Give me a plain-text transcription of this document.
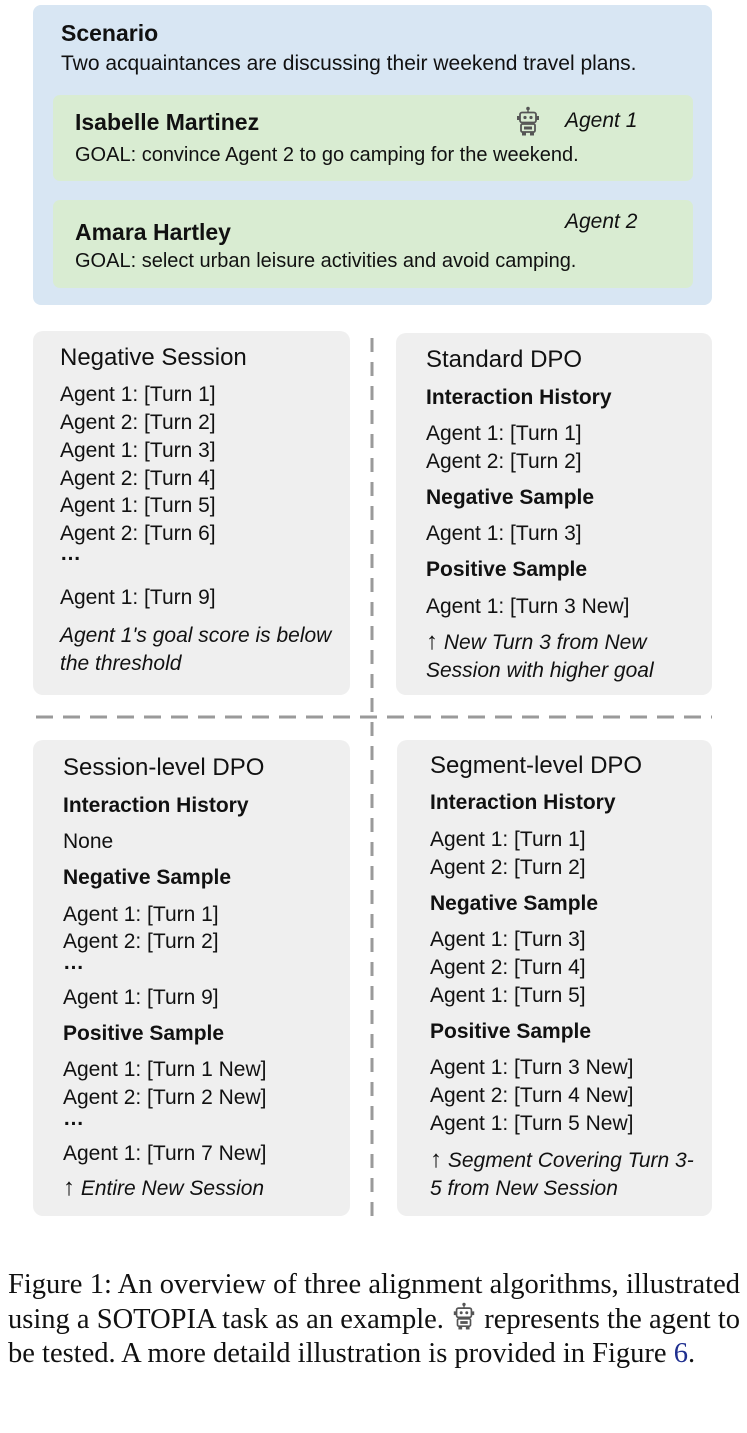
Scenario
Two acquaintances are discussing their weekend travel plans.
Isabelle Martinez	Agent 1
GOAL: convince Agent 2 to go camping for the weekend.
Amara Hartley	Agent 2
GOAL: select urban leisure activities and avoid camping.
Negative Session
Agent 1: [Turn 1]
Agent 2: [Turn 2]
Agent 1: [Turn 3]
Agent 2: [Turn 4]
Agent 1: [Turn 5]
Agent 2: [Turn 6]
…
Agent 1: [Turn 9]
Agent 1's goal score is below the threshold
Standard DPO
Interaction History
Agent 1: [Turn 1]
Agent 2: [Turn 2]
Negative Sample
Agent 1: [Turn 3]
Positive Sample
Agent 1: [Turn 3 New]
↑ New Turn 3 from New Session with higher goal
Session-level DPO
Interaction History
None
Negative Sample
Agent 1: [Turn 1]
Agent 2: [Turn 2]
…
Agent 1: [Turn 9]
Positive Sample
Agent 1: [Turn 1 New]
Agent 2: [Turn 2 New]
…
Agent 1: [Turn 7 New]
↑ Entire New Session
Segment-level DPO
Interaction History
Agent 1: [Turn 1]
Agent 2: [Turn 2]
Negative Sample
Agent 1: [Turn 3]
Agent 2: [Turn 4]
Agent 1: [Turn 5]
Positive Sample
Agent 1: [Turn 3 New]
Agent 2: [Turn 4 New]
Agent 1: [Turn 5 New]
↑ Segment Covering Turn 3-5 from New Session
Figure 1: An overview of three alignment algorithms, illustrated using a SOTOPIA task as an example. represents the agent to be tested. A more detaild illustration is provided in Figure 6.
